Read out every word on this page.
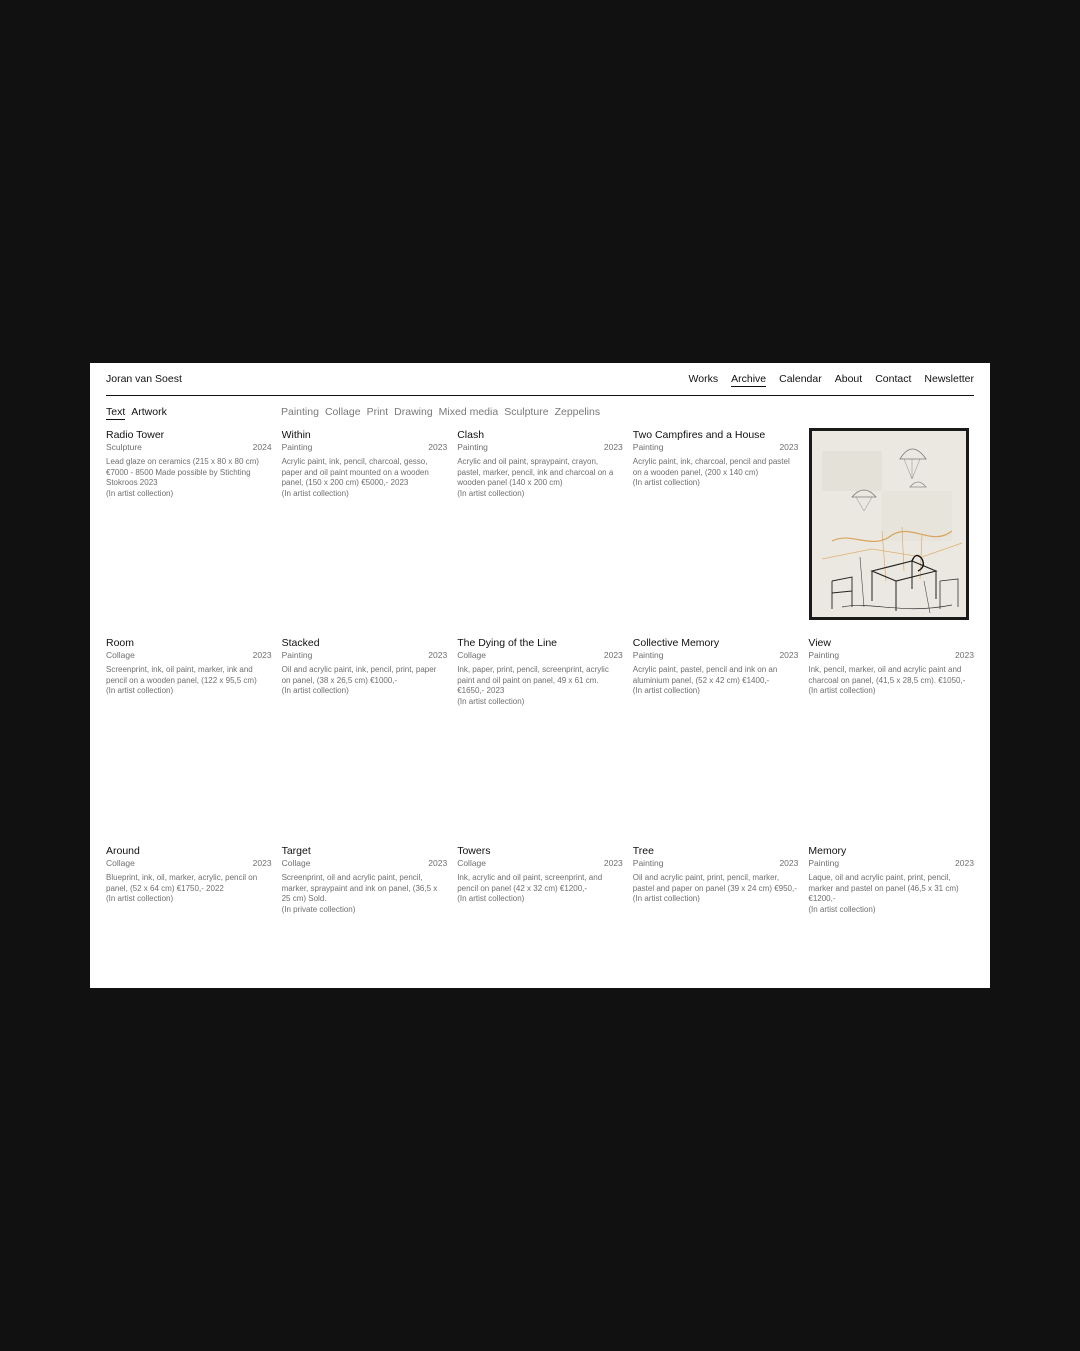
Joran van Soest	Works Archive Calendar About Contact Newsletter
Text Artwork	Painting Collage Print Drawing Mixed media Sculpture Zeppelins
Radio Tower
Sculpture	2024
Lead glaze on ceramics (215 x 80 x 80 cm) €7000 - 8500 Made possible by Stichting Stokroos 2023
(In artist collection)
Within
Painting	2023
Acrylic paint, ink, pencil, charcoal, gesso, paper and oil paint mounted on a wooden panel, (150 x 200 cm) €5000,- 2023
(In artist collection)
Clash
Painting	2023
Acrylic and oil paint, spraypaint, crayon, pastel, marker, pencil, ink and charcoal on a wooden panel (140 x 200 cm)
(In artist collection)
Two Campfires and a House
Painting	2023
Acrylic paint, ink, charcoal, pencil and pastel on a wooden panel, (200 x 140 cm)
(In artist collection)
Room
Collage	2023
Screenprint, ink, oil paint, marker, ink and pencil on a wooden panel, (122 x 95,5 cm)
(In artist collection)
Stacked
Painting	2023
Oil and acrylic paint, ink, pencil, print, paper on panel, (38 x 26,5 cm) €1000,-
(In artist collection)
The Dying of the Line
Collage	2023
Ink, paper, print, pencil, screenprint, acrylic paint and oil paint on panel, 49 x 61 cm. €1650,- 2023
(In artist collection)
Collective Memory
Painting	2023
Acrylic paint, pastel, pencil and ink on an aluminium panel, (52 x 42 cm) €1400,-
(In artist collection)
View
Painting	2023
Ink, pencil, marker, oil and acrylic paint and charcoal on panel, (41,5 x 28,5 cm). €1050,-
(In artist collection)
Around
Collage	2023
Blueprint, ink, oil, marker, acrylic, pencil on panel, (52 x 64 cm) €1750,- 2022
(In artist collection)
Target
Collage	2023
Screenprint, oil and acrylic paint, pencil, marker, spraypaint and ink on panel, (36,5 x 25 cm) Sold.
(In private collection)
Towers
Collage	2023
Ink, acrylic and oil paint, screenprint, and pencil on panel (42 x 32 cm) €1200,-
(In artist collection)
Tree
Painting	2023
Oil and acrylic paint, print, pencil, marker, pastel and paper on panel (39 x 24 cm) €950,-
(In artist collection)
Memory
Painting	2023
Laque, oil and acrylic paint, print, pencil, marker and pastel on panel (46,5 x 31 cm) €1200,-
(In artist collection)
